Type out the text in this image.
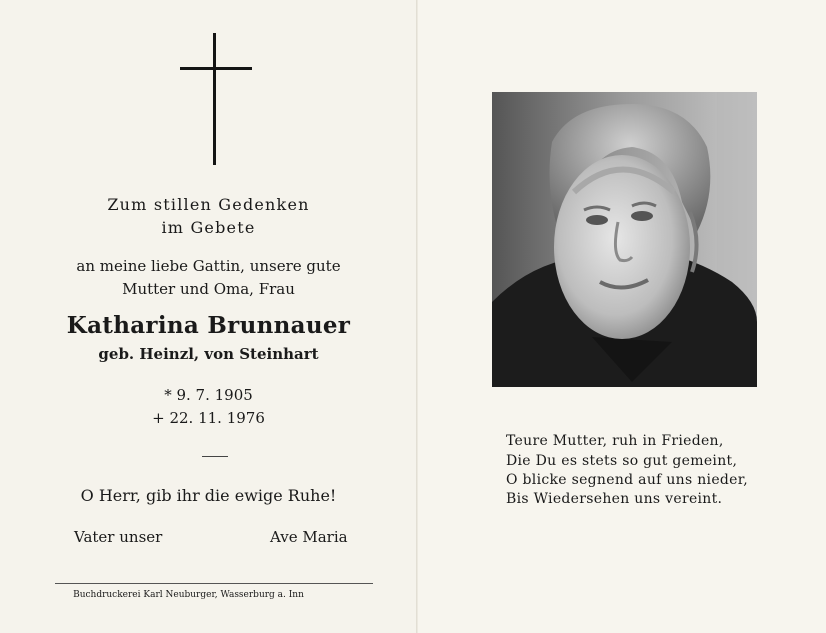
Zum stillen Gedenken
im Gebete
an meine liebe Gattin, unsere gute
Mutter und Oma, Frau
Katharina Brunnauer
geb. Heinzl, von Steinhart
* 9. 7. 1905
+ 22. 11. 1976
O Herr, gib ihr die ewige Ruhe!
Vater unser	Ave Maria
Buchdruckerei Karl Neuburger, Wasserburg a. Inn
Teure Mutter, ruh in Frieden,
Die Du es stets so gut gemeint,
O blicke segnend auf uns nieder,
Bis Wiedersehen uns vereint.
